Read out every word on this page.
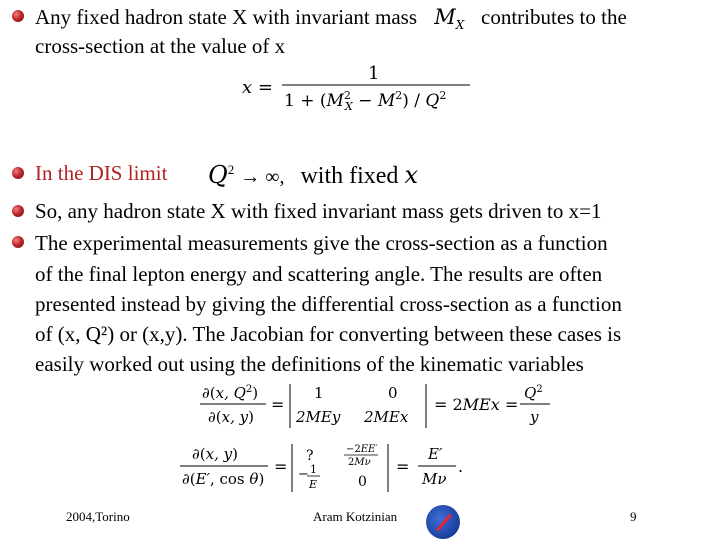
Any fixed hadron state X with invariant mass $M_X$ contributes to the
cross-section at the value of x
x =
1
$1 + (M^2$ $X - M^2) / Q^2$
In the DIS limit $Q^2$ → ∞, with fixed x
So, any hadron state X with fixed invariant mass gets driven to x=1
The experimental measurements give the cross-section as a function
of the final lepton energy and scattering angle. The results are often
presented instead by giving the differential cross-section as a function
of (x, Q²) or (x,y). The Jacobian for converting between these cases is
easily worked out using the definitions of the kinematic variables
∂(x, $Q^2$)
∂(x, y)
=
1	0
2MEy 2MEx
= 2MEx =
$Q^2$
y
∂(x, y)
∂(E′, cos θ)
=
?	−2EE′
2Mν
− 1
E	0
=
E′
Mν
.
2004,Torino	Aram Kotzinian	9
